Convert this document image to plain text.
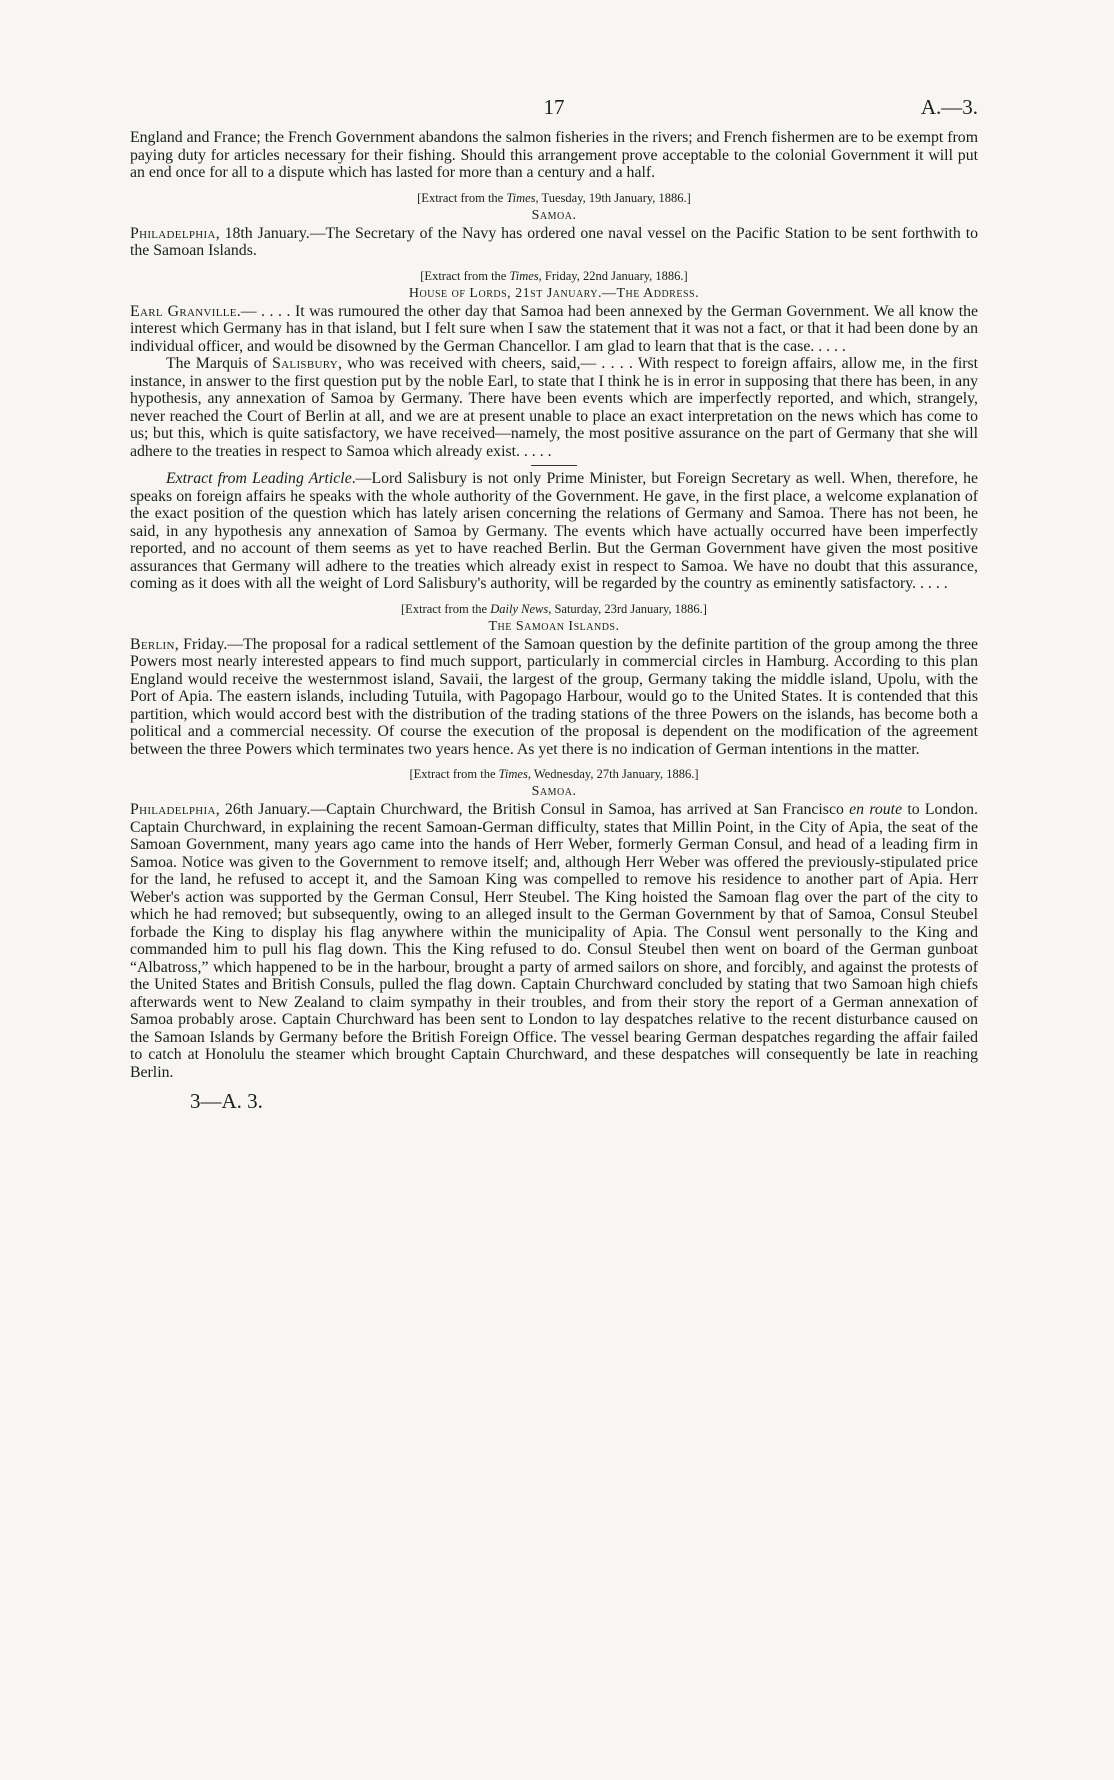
17	A.—3.

England and France; the French Government abandons the salmon fisheries in the rivers; and French fishermen are to be exempt from paying duty for articles necessary for their fishing. Should this arrangement prove acceptable to the colonial Government it will put an end once for all to a dispute which has lasted for more than a century and a half.

[Extract from the Times, Tuesday, 19th January, 1886.]
Samoa.

Philadelphia, 18th January.—The Secretary of the Navy has ordered one naval vessel on the Pacific Station to be sent forthwith to the Samoan Islands.

[Extract from the Times, Friday, 22nd January, 1886.]
House of Lords, 21st January.—The Address.

Earl Granville.— . . . . It was rumoured the other day that Samoa had been annexed by the German Government. We all know the interest which Germany has in that island, but I felt sure when I saw the statement that it was not a fact, or that it had been done by an individual officer, and would be disowned by the German Chancellor. I am glad to learn that that is the case. . . . .

The Marquis of Salisbury, who was received with cheers, said,— . . . . With respect to foreign affairs, allow me, in the first instance, in answer to the first question put by the noble Earl, to state that I think he is in error in supposing that there has been, in any hypothesis, any annexation of Samoa by Germany. There have been events which are imperfectly reported, and which, strangely, never reached the Court of Berlin at all, and we are at present unable to place an exact interpretation on the news which has come to us; but this, which is quite satisfactory, we have received—namely, the most positive assurance on the part of Germany that she will adhere to the treaties in respect to Samoa which already exist. . . . .

Extract from Leading Article.—Lord Salisbury is not only Prime Minister, but Foreign Secretary as well. When, therefore, he speaks on foreign affairs he speaks with the whole authority of the Government. He gave, in the first place, a welcome explanation of the exact position of the question which has lately arisen concerning the relations of Germany and Samoa. There has not been, he said, in any hypothesis any annexation of Samoa by Germany. The events which have actually occurred have been imperfectly reported, and no account of them seems as yet to have reached Berlin. But the German Government have given the most positive assurances that Germany will adhere to the treaties which already exist in respect to Samoa. We have no doubt that this assurance, coming as it does with all the weight of Lord Salisbury's authority, will be regarded by the country as eminently satisfactory. . . . .

[Extract from the Daily News, Saturday, 23rd January, 1886.]
The Samoan Islands.

Berlin, Friday.—The proposal for a radical settlement of the Samoan question by the definite partition of the group among the three Powers most nearly interested appears to find much support, particularly in commercial circles in Hamburg. According to this plan England would receive the westernmost island, Savaii, the largest of the group, Germany taking the middle island, Upolu, with the Port of Apia. The eastern islands, including Tutuila, with Pagopago Harbour, would go to the United States. It is contended that this partition, which would accord best with the distribution of the trading stations of the three Powers on the islands, has become both a political and a commercial necessity. Of course the execution of the proposal is dependent on the modification of the agreement between the three Powers which terminates two years hence. As yet there is no indication of German intentions in the matter.

[Extract from the Times, Wednesday, 27th January, 1886.]
Samoa.

Philadelphia, 26th January.—Captain Churchward, the British Consul in Samoa, has arrived at San Francisco en route to London. Captain Churchward, in explaining the recent Samoan-German difficulty, states that Millin Point, in the City of Apia, the seat of the Samoan Government, many years ago came into the hands of Herr Weber, formerly German Consul, and head of a leading firm in Samoa. Notice was given to the Government to remove itself; and, although Herr Weber was offered the previously-stipulated price for the land, he refused to accept it, and the Samoan King was compelled to remove his residence to another part of Apia. Herr Weber's action was supported by the German Consul, Herr Steubel. The King hoisted the Samoan flag over the part of the city to which he had removed; but subsequently, owing to an alleged insult to the German Government by that of Samoa, Consul Steubel forbade the King to display his flag anywhere within the municipality of Apia. The Consul went personally to the King and commanded him to pull his flag down. This the King refused to do. Consul Steubel then went on board of the German gunboat “Albatross,” which happened to be in the harbour, brought a party of armed sailors on shore, and forcibly, and against the protests of the United States and British Consuls, pulled the flag down. Captain Churchward concluded by stating that two Samoan high chiefs afterwards went to New Zealand to claim sympathy in their troubles, and from their story the report of a German annexation of Samoa probably arose. Captain Churchward has been sent to London to lay despatches relative to the recent disturbance caused on the Samoan Islands by Germany before the British Foreign Office. The vessel bearing German despatches regarding the affair failed to catch at Honolulu the steamer which brought Captain Churchward, and these despatches will consequently be late in reaching Berlin.

3—A. 3.
